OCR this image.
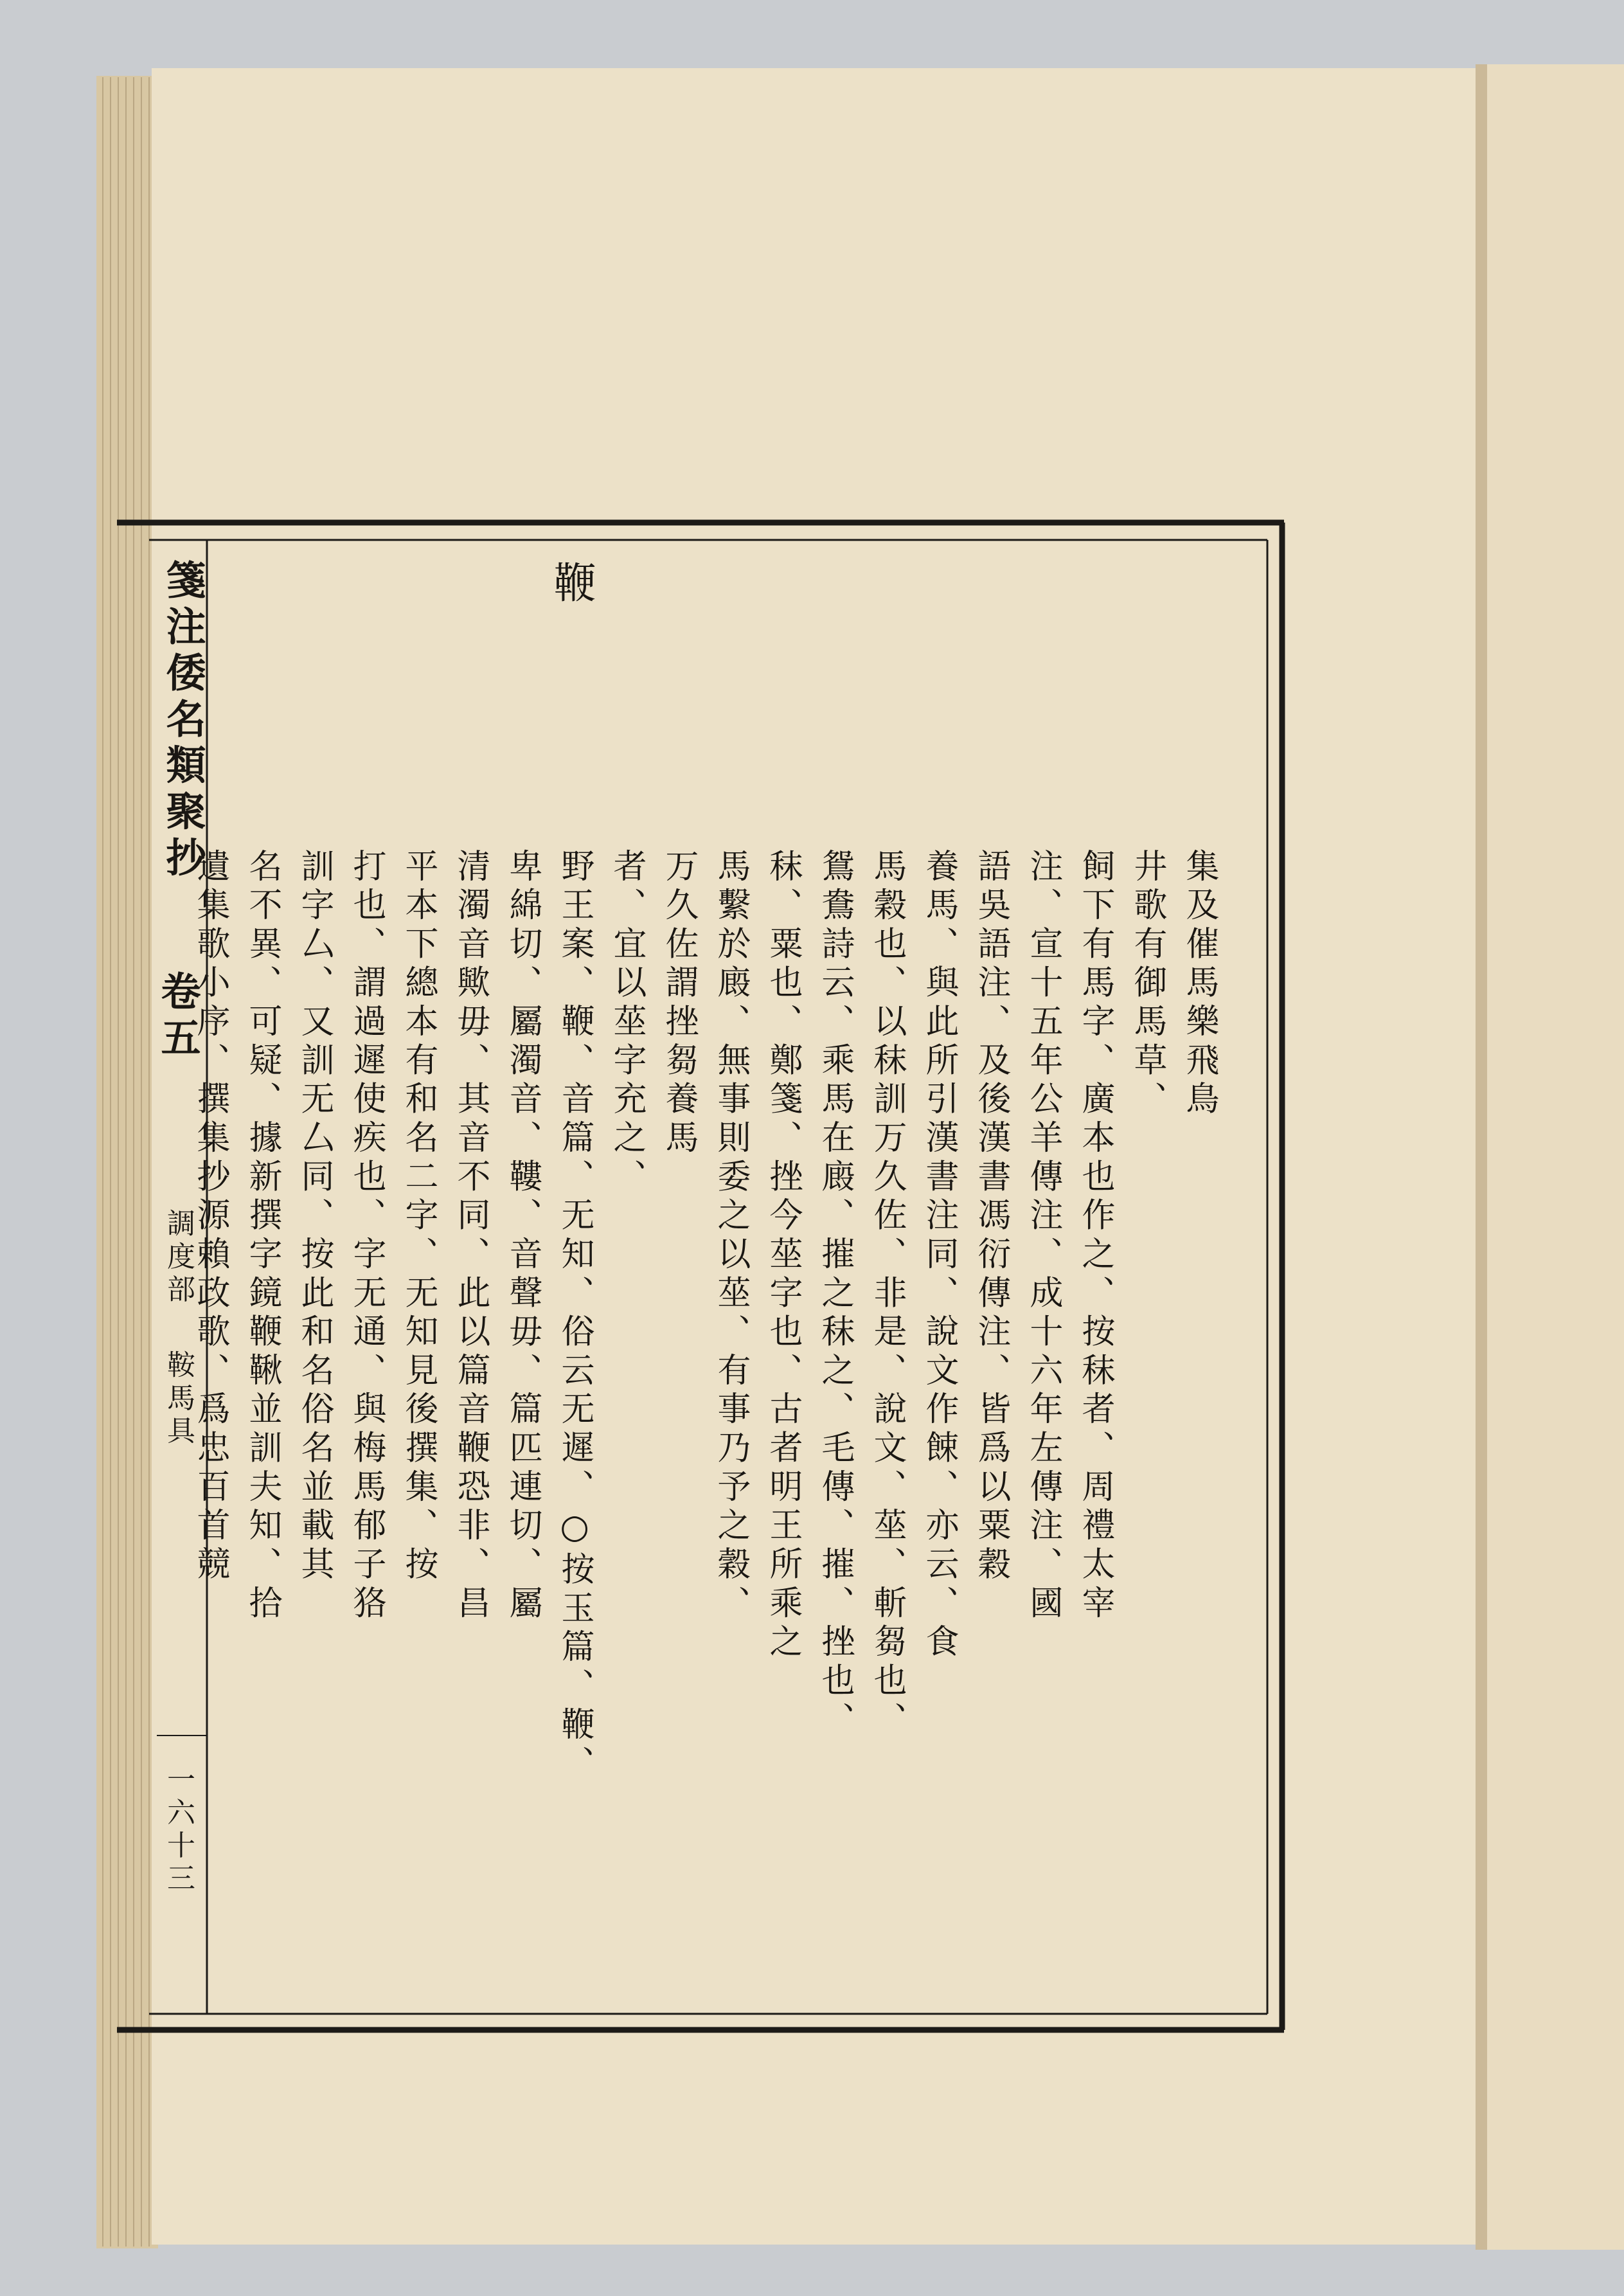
箋注倭名類聚抄
卷五
調度部
鞍馬具
一六十三
鞭
集及催馬樂飛鳥
井歌有御馬草、
飼下有馬字、廣本也作之、按秣者、周禮太宰
注、宣十五年公羊傳注、成十六年左傳注、國
語吳語注、及後漢書馮衍傳注、皆爲以粟穀
養馬、與此所引漢書注同、說文作餗、亦云、食
馬穀也、以秣訓万久佐、非是、說文、莝、斬芻也、
鴛鴦詩云、乘馬在廄、摧之秣之、毛傳、摧、挫也、
秣、粟也、鄭箋、挫今莝字也、古者明王所乘之
馬繫於廄、無事則委之以莝、有事乃予之穀、
万久佐謂挫芻養馬
者、宜以莝字充之、
野王案、鞭、音篇、无知、俗云无遲、○按玉篇、鞭、
卑綿切、屬濁音、鞻、音聲毋、篇匹連切、屬
清濁音歟毋、其音不同、此以篇音鞭恐非、昌
平本下總本有和名二字、无知見後撰集、按
打也、謂過遲使疾也、字无通、與梅馬郁子狢
訓字厶、又訓无厶同、按此和名俗名並載其
名不異、可疑、據新撰字鏡鞭鞦並訓夫知、拾
遺集歌小序、撰集抄源賴政歌、爲忠百首競
